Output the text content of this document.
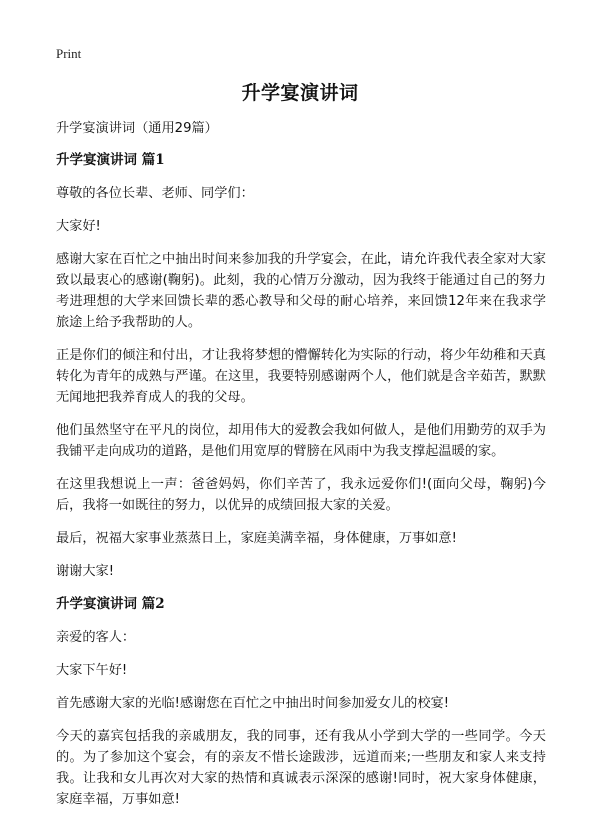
Print
升学宴演讲词

升学宴演讲词（通用29篇）

升学宴演讲词 篇1

尊敬的各位长辈、老师、同学们：

大家好!

感谢大家在百忙之中抽出时间来参加我的升学宴会，在此，请允许我代表全家对大家致以最衷心的感谢(鞠躬)。此刻，我的心情万分激动，因为我终于能通过自己的努力考进理想的大学来回馈长辈的悉心教导和父母的耐心培养，来回馈12年来在我求学旅途上给予我帮助的人。

正是你们的倾注和付出，才让我将梦想的懵懈转化为实际的行动，将少年幼稚和天真转化为青年的成熟与严谨。在这里，我要特别感谢两个人，他们就是含辛茹苦，默默无闻地把我养育成人的我的父母。

他们虽然坚守在平凡的岗位，却用伟大的爱教会我如何做人，是他们用勤劳的双手为我铺平走向成功的道路，是他们用宽厚的臂膀在风雨中为我支撑起温暖的家。

在这里我想说上一声：爸爸妈妈，你们辛苦了，我永远爱你们!(面向父母，鞠躬)今后，我将一如既往的努力，以优异的成绩回报大家的关爱。

最后，祝福大家事业蒸蒸日上，家庭美满幸福，身体健康，万事如意!

谢谢大家!

升学宴演讲词 篇2

亲爱的客人：

大家下午好!

首先感谢大家的光临!感谢您在百忙之中抽出时间参加爱女儿的校宴!

今天的嘉宾包括我的亲戚朋友，我的同事，还有我从小学到大学的一些同学。今天的。为了参加这个宴会，有的亲友不惜长途跋涉，远道而来;一些朋友和家人来支持我。让我和女儿再次对大家的热情和真诚表示深深的感谢!同时，祝大家身体健康，家庭幸福，万事如意!
